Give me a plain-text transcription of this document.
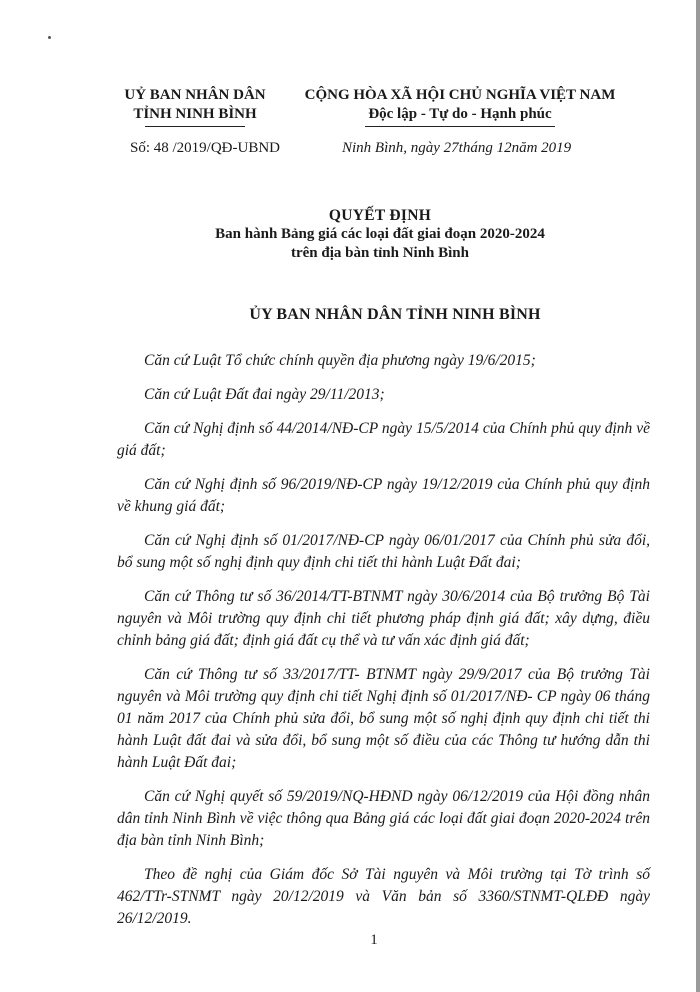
UỶ BAN NHÂN DÂN
TỈNH NINH BÌNH
CỘNG HÒA XÃ HỘI CHỦ NGHĨA VIỆT NAM
Độc lập - Tự do - Hạnh phúc
Số: 48 /2019/QĐ-UBND	Ninh Bình, ngày 27tháng 12năm 2019
QUYẾT ĐỊNH
Ban hành Bảng giá các loại đất giai đoạn 2020-2024
trên địa bàn tỉnh Ninh Bình
ỦY BAN NHÂN DÂN TỈNH NINH BÌNH

Căn cứ Luật Tổ chức chính quyền địa phương ngày 19/6/2015;

Căn cứ Luật Đất đai ngày 29/11/2013;

Căn cứ Nghị định số 44/2014/NĐ-CP ngày 15/5/2014 của Chính phủ quy định về giá đất;

Căn cứ Nghị định số 96/2019/NĐ-CP ngày 19/12/2019 của Chính phủ quy định về khung giá đất;

Căn cứ Nghị định số 01/2017/NĐ-CP ngày 06/01/2017 của Chính phủ sửa đổi, bổ sung một số nghị định quy định chi tiết thi hành Luật Đất đai;

Căn cứ Thông tư số 36/2014/TT-BTNMT ngày 30/6/2014 của Bộ trưởng Bộ Tài nguyên và Môi trường quy định chi tiết phương pháp định giá đất; xây dựng, điều chỉnh bảng giá đất; định giá đất cụ thể và tư vấn xác định giá đất;

Căn cứ Thông tư số 33/2017/TT- BTNMT ngày 29/9/2017 của Bộ trưởng Tài nguyên và Môi trường quy định chi tiết Nghị định số 01/2017/NĐ- CP ngày 06 tháng 01 năm 2017 của Chính phủ sửa đổi, bổ sung một số nghị định quy định chi tiết thi hành Luật đất đai và sửa đổi, bổ sung một số điều của các Thông tư hướng dẫn thi hành Luật Đất đai;

Căn cứ Nghị quyết số 59/2019/NQ-HĐND ngày 06/12/2019 của Hội đồng nhân dân tỉnh Ninh Bình về việc thông qua Bảng giá các loại đất giai đoạn 2020-2024 trên địa bàn tỉnh Ninh Bình;

Theo đề nghị của Giám đốc Sở Tài nguyên và Môi trường tại Tờ trình số 462/TTr-STNMT ngày 20/12/2019 và Văn bản số 3360/STNMT-QLĐĐ ngày 26/12/2019.

1
